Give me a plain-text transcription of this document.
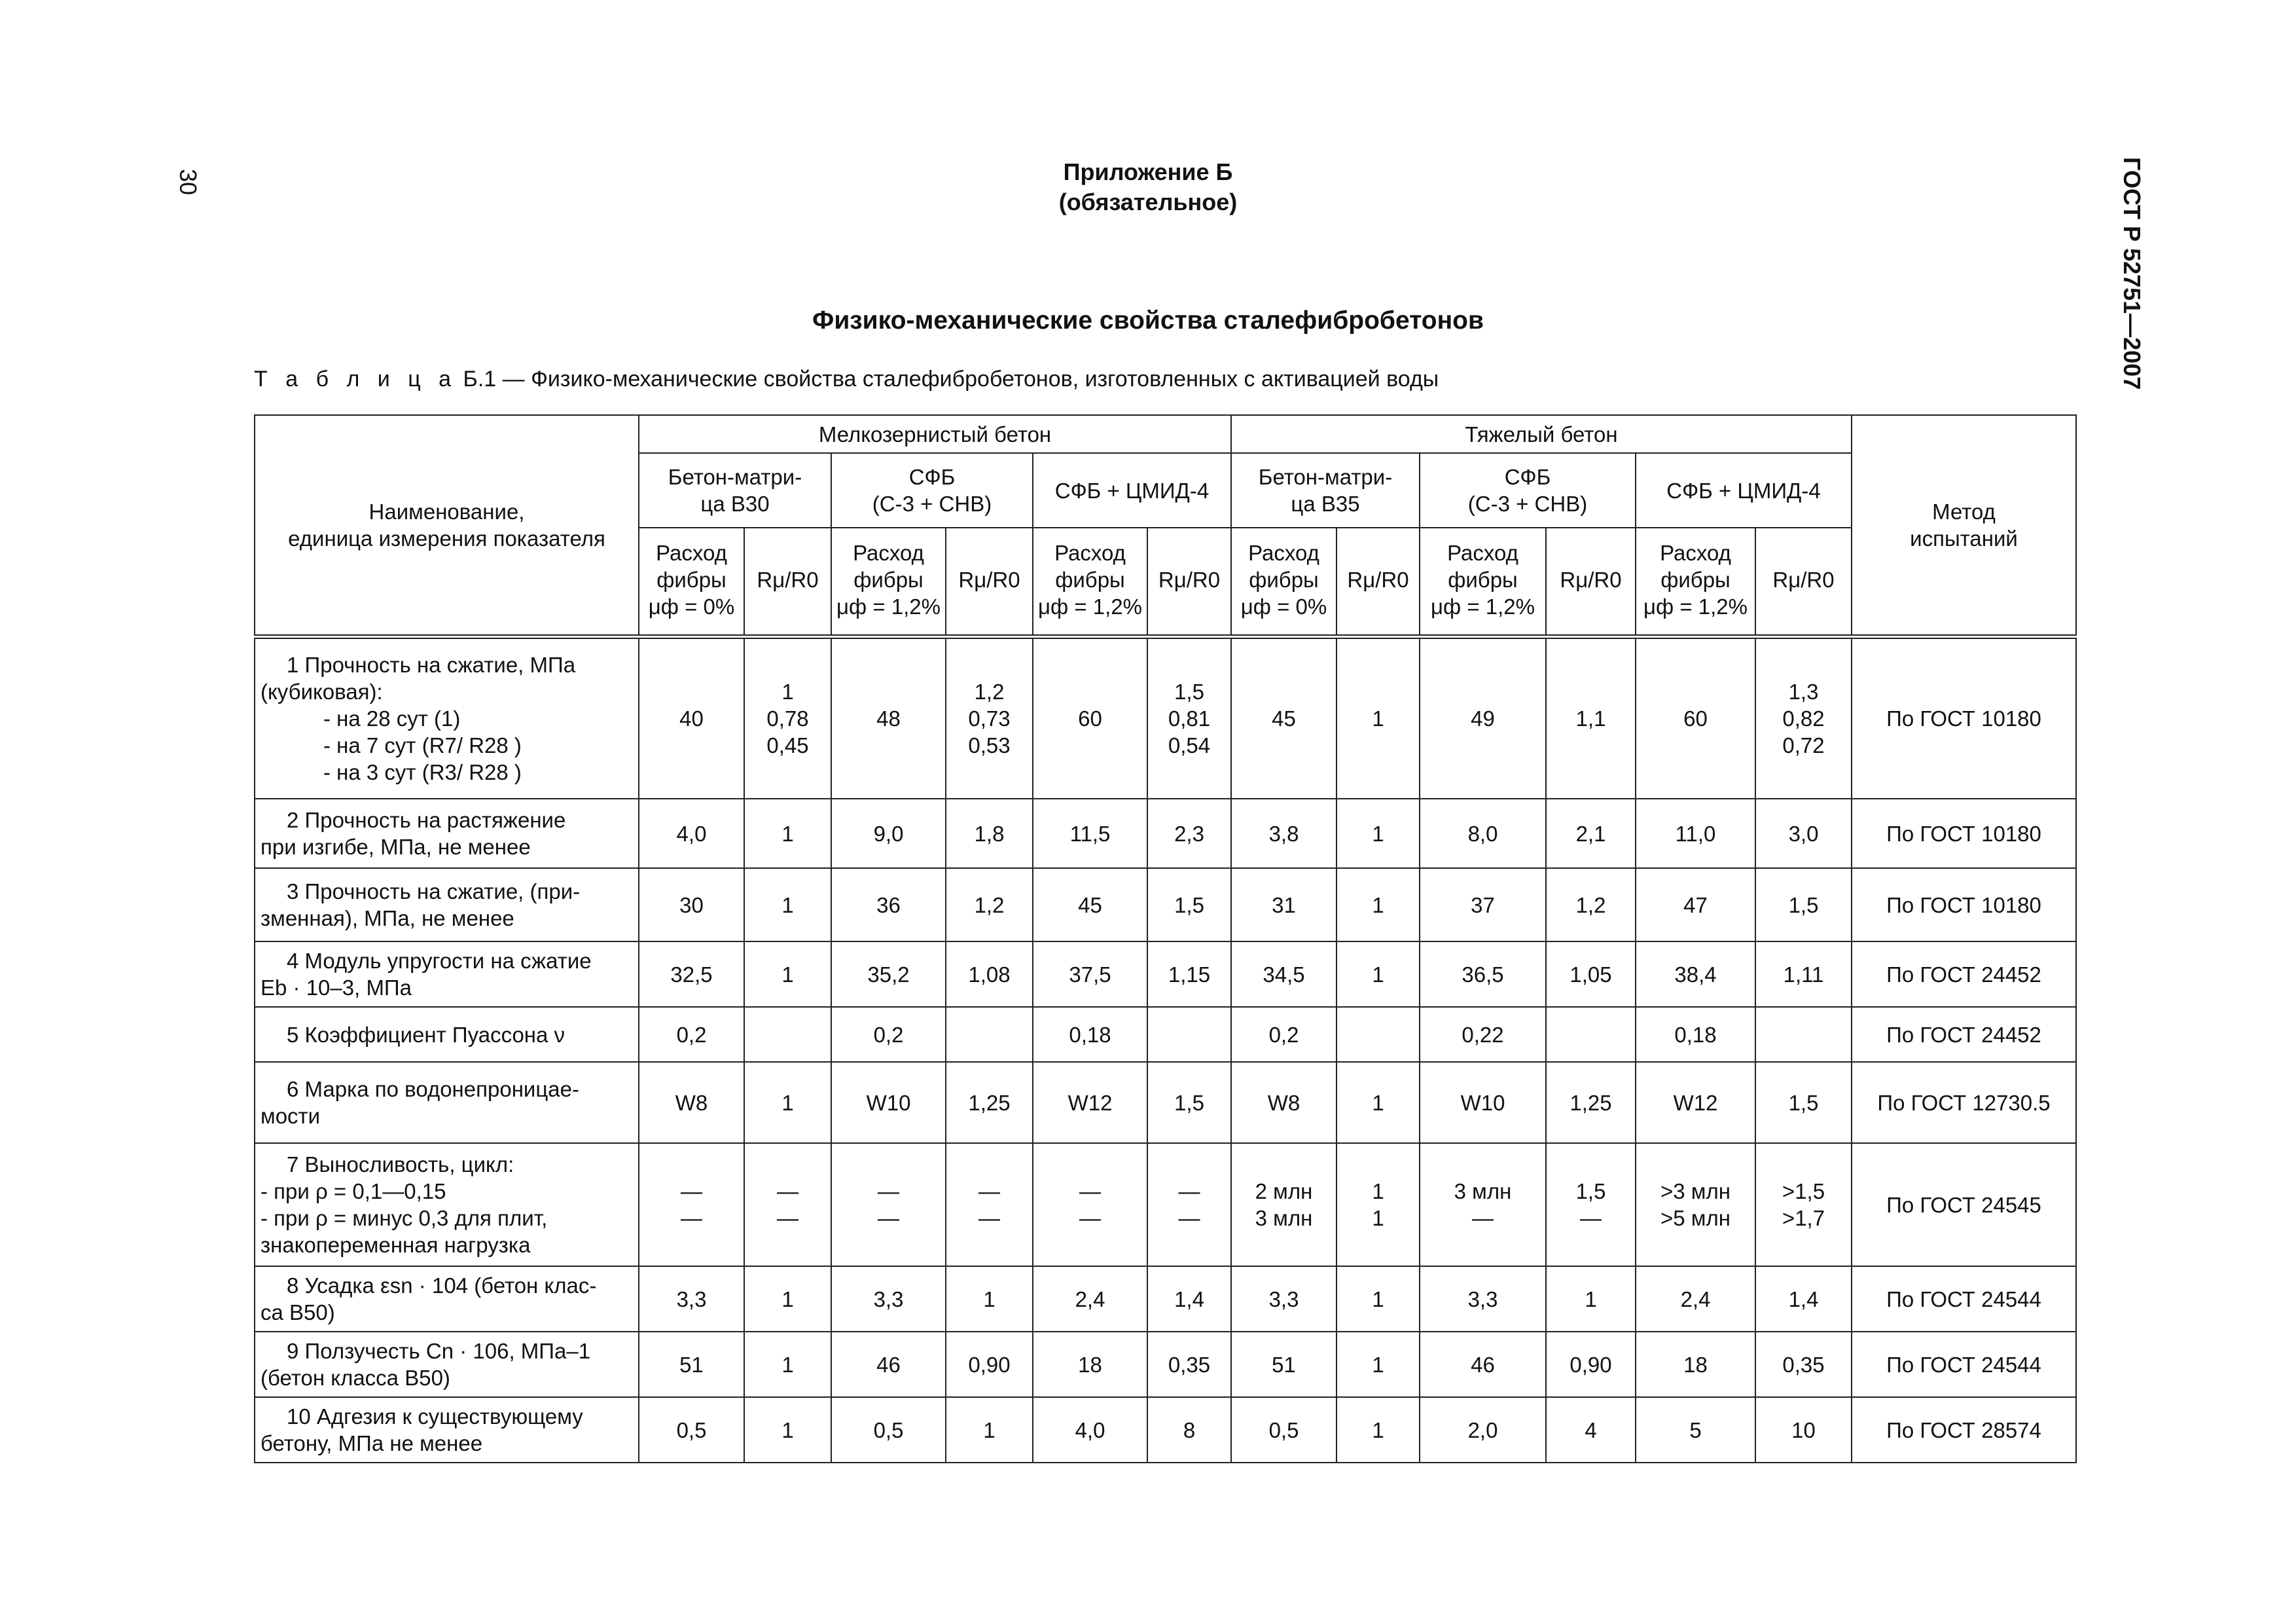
30	ГОСТ Р 52751—2007
Приложение Б
(обязательное)
Физико-механические свойства сталефибробетонов
Т а б л и ц а Б.1 — Физико-механические свойства сталефибробетонов, изготовленных с активацией воды
Наименование,
единица измерения показателя	Мелкозернистый бетон						Тяжелый бетон						Метод
испытаний

	Бетон-матри-
ца В30		СФБ
(С-3 + СНВ)		СФБ + ЦМИД-4		Бетон-матри-
ца В35		СФБ
(С-3 + СНВ)		СФБ + ЦМИД-4		

	Расход
фибры
μф = 0%	Rμ/R0	Расход
фибры
μф = 1,2%	Rμ/R0	Расход
фибры
μф = 1,2%	Rμ/R0	Расход
фибры
μф = 0%	Rμ/R0	Расход
фибры
μф = 1,2%	Rμ/R0	Расход
фибры
μф = 1,2%	Rμ/R0	

1 Прочность на сжатие, МПа
(кубиковая):
- на 28 сут (1)
- на 7 сут (R7/ R28 )
- на 3 сут (R3/ R28 )	40	1
0,78
0,45	48	1,2
0,73
0,53	60	1,5
0,81
0,54	45	1	49	1,1	60	1,3
0,82
0,72	По ГОСТ 10180

2 Прочность на растяжение
при изгибе, МПа, не менее	4,0	1	9,0	1,8	11,5	2,3	3,8	1	8,0	2,1	11,0	3,0	По ГОСТ 10180

3 Прочность на сжатие, (при-
зменная), МПа, не менее	30	1	36	1,2	45	1,5	31	1	37	1,2	47	1,5	По ГОСТ 10180

4 Модуль упругости на сжатие
Eb · 10–3, МПа	32,5	1	35,2	1,08	37,5	1,15	34,5	1	36,5	1,05	38,4	1,11	По ГОСТ 24452

5 Коэффициент Пуассона ν	0,2		0,2		0,18		0,2		0,22		0,18		По ГОСТ 24452

6 Марка по водонепроницае-
мости	W8	1	W10	1,25	W12	1,5	W8	1	W10	1,25	W12	1,5	По ГОСТ 12730.5

7 Выносливость, цикл:
- при ρ = 0,1—0,15
- при ρ = минус 0,3 для плит,
знакопеременная нагрузка	—
—	—
—	—
—	—
—	—
—	—
—	2 млн
3 млн	1
1	3 млн
—	1,5
—	>3 млн
>5 млн	>1,5
>1,7	По ГОСТ 24545

8 Усадка εsn · 104 (бетон клас-
са В50)	3,3	1	3,3	1	2,4	1,4	3,3	1	3,3	1	2,4	1,4	По ГОСТ 24544

9 Ползучесть Cn · 106, МПа–1
(бетон класса В50)	51	1	46	0,90	18	0,35	51	1	46	0,90	18	0,35	По ГОСТ 24544

10 Адгезия к существующему
бетону, МПа не менее	0,5	1	0,5	1	4,0	8	0,5	1	2,0	4	5	10	По ГОСТ 28574
